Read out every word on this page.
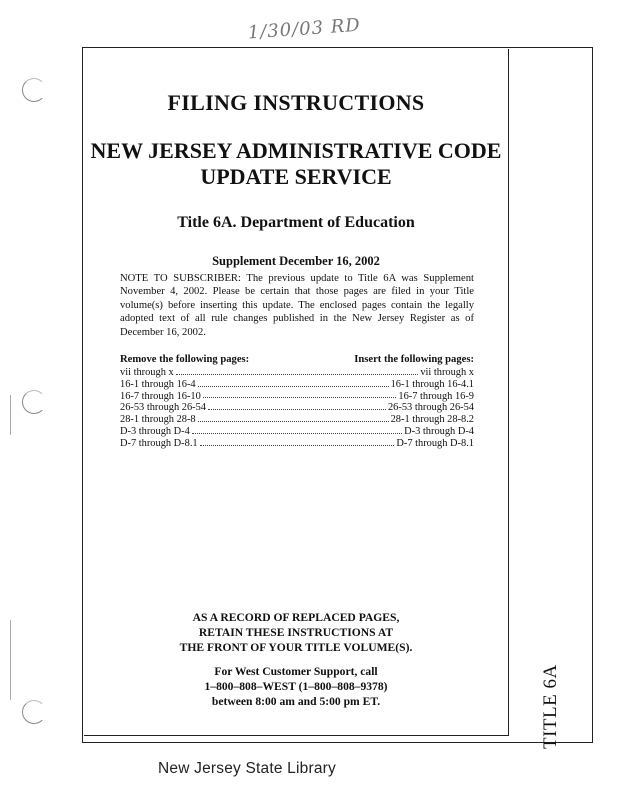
1/30/03 RD
TITLE 6A
FILING INSTRUCTIONS
NEW JERSEY ADMINISTRATIVE CODE
UPDATE SERVICE
Title 6A. Department of Education
Supplement December 16, 2002
NOTE TO SUBSCRIBER: The previous update to Title 6A was Supplement November 4, 2002. Please be certain that those pages are filed in your Title volume(s) before inserting this update. The enclosed pages contain the legally adopted text of all rule changes published in the New Jersey Register as of December 16, 2002.
Remove the following pages:	Insert the following pages:
vii through x	vii through x
16-1 through 16-4	16-1 through 16-4.1
16-7 through 16-10	16-7 through 16-9
26-53 through 26-54	26-53 through 26-54
28-1 through 28-8	28-1 through 28-8.2
D-3 through D-4	D-3 through D-4
D-7 through D-8.1	D-7 through D-8.1
AS A RECORD OF REPLACED PAGES,
RETAIN THESE INSTRUCTIONS AT
THE FRONT OF YOUR TITLE VOLUME(S).
For West Customer Support, call
1–800–808–WEST (1–800–808–9378)
between 8:00 am and 5:00 pm ET.
New Jersey State Library
